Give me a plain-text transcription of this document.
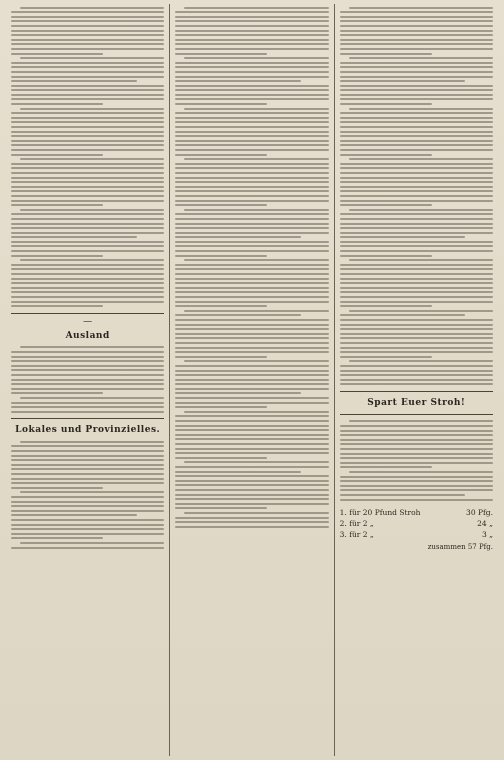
—
Ausland
Lokales und Provinzielles.
Spart Euer Stroh!
1. für 20 Pfund Stroh	30 Pfg.
2. für 2 „	24 „
3. für 2 „	3 „
zusammen 57 Pfg.
